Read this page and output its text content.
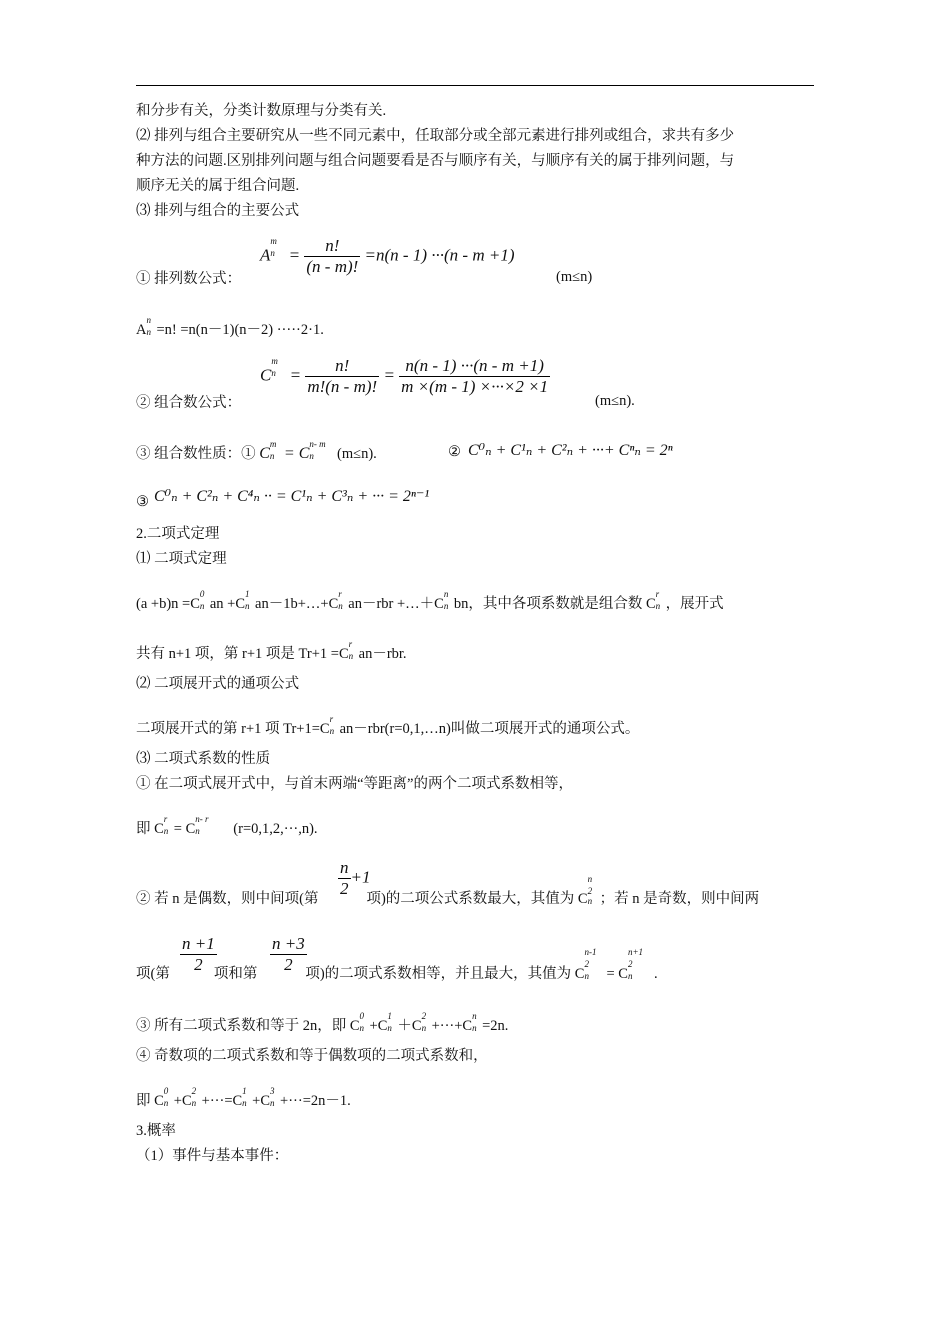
和分步有关，分类计数原理与分类有关.
⑵ 排列与组合主要研究从一些不同元素中，任取部分或全部元素进行排列或组合，求共有多少
种方法的问题.区别排列问题与组合问题要看是否与顺序有关，与顺序有关的属于排列问题，与
顺序无关的属于组合问题.
⑶ 排列与组合的主要公式
A
m
$n = \frac{n!}{(n - m)!} =n(n - 1) \cdot\cdot\cdot(n - m +1)$
① 排列数公式：	(m≤n)
A
n
n =n! =n(n－1)(n－2) ·····2·1.
C
m
$n = \frac{n!}{m!(n - m)!} = \frac{n(n - 1) \cdot\cdot\cdot(n - m +1)}{m \times(m - 1) \times\cdot\cdot\cdot\times 2 \times 1}$
② 组合数公式：	(m≤n).
③ 组合数性质：① C
m
n = C
n- m
n (m≤n).	② C⁰ₙ + C¹ₙ + C²ₙ + ···+ Cⁿₙ = 2ⁿ
③ C⁰ₙ + C²ₙ + C⁴ₙ ·· = C¹ₙ + C³ₙ + ··· = 2ⁿ⁻¹
2.二项式定理
⑴ 二项式定理
(a +b)n =C
0
n an +C
1
n an－1b+…+C
r
n an－rbr +…＋C
n
n bn，其中各项系数就是组合数 C
r
n ，展开式
共有 n+1 项，第 r+1 项是 Tr+1 =C
r
n an－rbr.
⑵ 二项展开式的通项公式
二项展开式的第 r+1 项 Tr+1=C
r
n an－rbr(r=0,1,…n)叫做二项展开式的通项公式。
⑶ 二项式系数的性质
① 在二项式展开式中，与首末两端“等距离”的两个二项式系数相等，
即 C
r
n = C
n- r
n (r=0,1,2,···,n).
$\frac{n}{2} +1$
② 若 n 是偶数，则中间项(第	项)的二项公式系数最大，其值为 C
n
2
n ；若 n 是奇数，则中间两
$\frac{n +1}{2}$	$\frac{n +3}{2}$
项(第	项和第	项)的二项式系数相等，并且最大，其值为 C
n-1
2
n = C
n+1
2
n .
③ 所有二项式系数和等于 2n，即 C
0
n +C
1
n ＋C
2
n +···+C
n
n =2n.
④ 奇数项的二项式系数和等于偶数项的二项式系数和，
即 C
0
n +C
2
n +···=C
1
n +C
3
n +···=2n－1.
3.概率
（1）事件与基本事件：
